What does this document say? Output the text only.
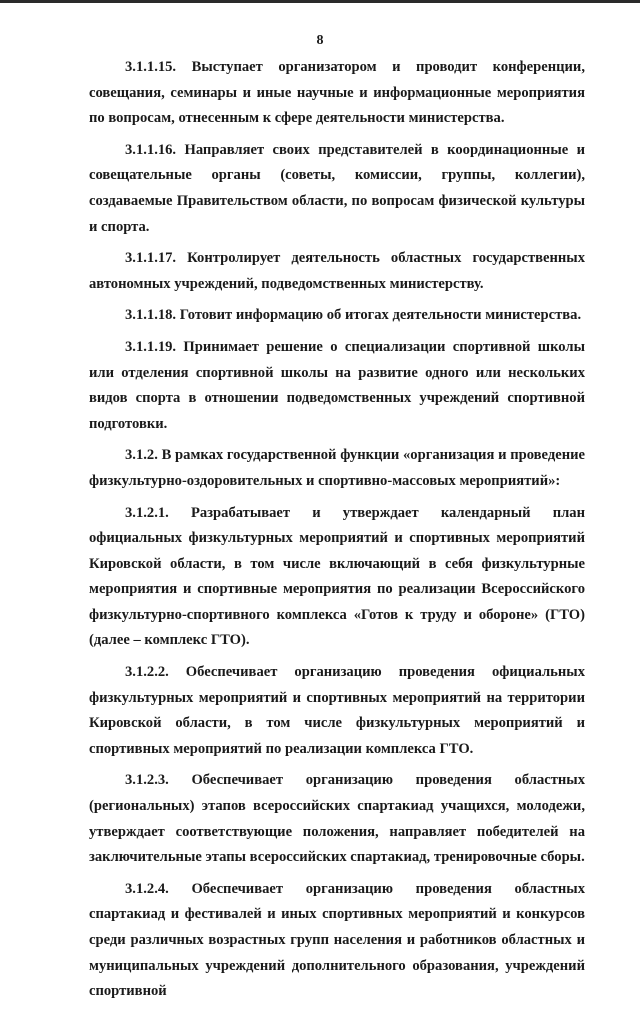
8

3.1.1.15. Выступает организатором и проводит конференции, совещания, семинары и иные научные и информационные мероприятия по вопросам, отнесенным к сфере деятельности министерства.

3.1.1.16. Направляет своих представителей в координационные и совещательные органы (советы, комиссии, группы, коллегии), создаваемые Правительством области, по вопросам физической культуры и спорта.

3.1.1.17. Контролирует деятельность областных государственных автономных учреждений, подведомственных министерству.

3.1.1.18. Готовит информацию об итогах деятельности министерства.

3.1.1.19. Принимает решение о специализации спортивной школы или отделения спортивной школы на развитие одного или нескольких видов спорта в отношении подведомственных учреждений спортивной подготовки.

3.1.2. В рамках государственной функции «организация и проведение физкультурно-оздоровительных и спортивно-массовых мероприятий»:

3.1.2.1. Разрабатывает и утверждает календарный план официальных физкультурных мероприятий и спортивных мероприятий Кировской области, в том числе включающий в себя физкультурные мероприятия и спортивные мероприятия по реализации Всероссийского физкультурно-спортивного комплекса «Готов к труду и обороне» (ГТО) (далее – комплекс ГТО).

3.1.2.2. Обеспечивает организацию проведения официальных физкультурных мероприятий и спортивных мероприятий на территории Кировской области, в том числе физкультурных мероприятий и спортивных мероприятий по реализации комплекса ГТО.

3.1.2.3. Обеспечивает организацию проведения областных (региональных) этапов всероссийских спартакиад учащихся, молодежи, утверждает соответствующие положения, направляет победителей на заключительные этапы всероссийских спартакиад, тренировочные сборы.

3.1.2.4. Обеспечивает организацию проведения областных спартакиад и фестивалей и иных спортивных мероприятий и конкурсов среди различных возрастных групп населения и работников областных и муниципальных учреждений дополнительного образования, учреждений спортивной
